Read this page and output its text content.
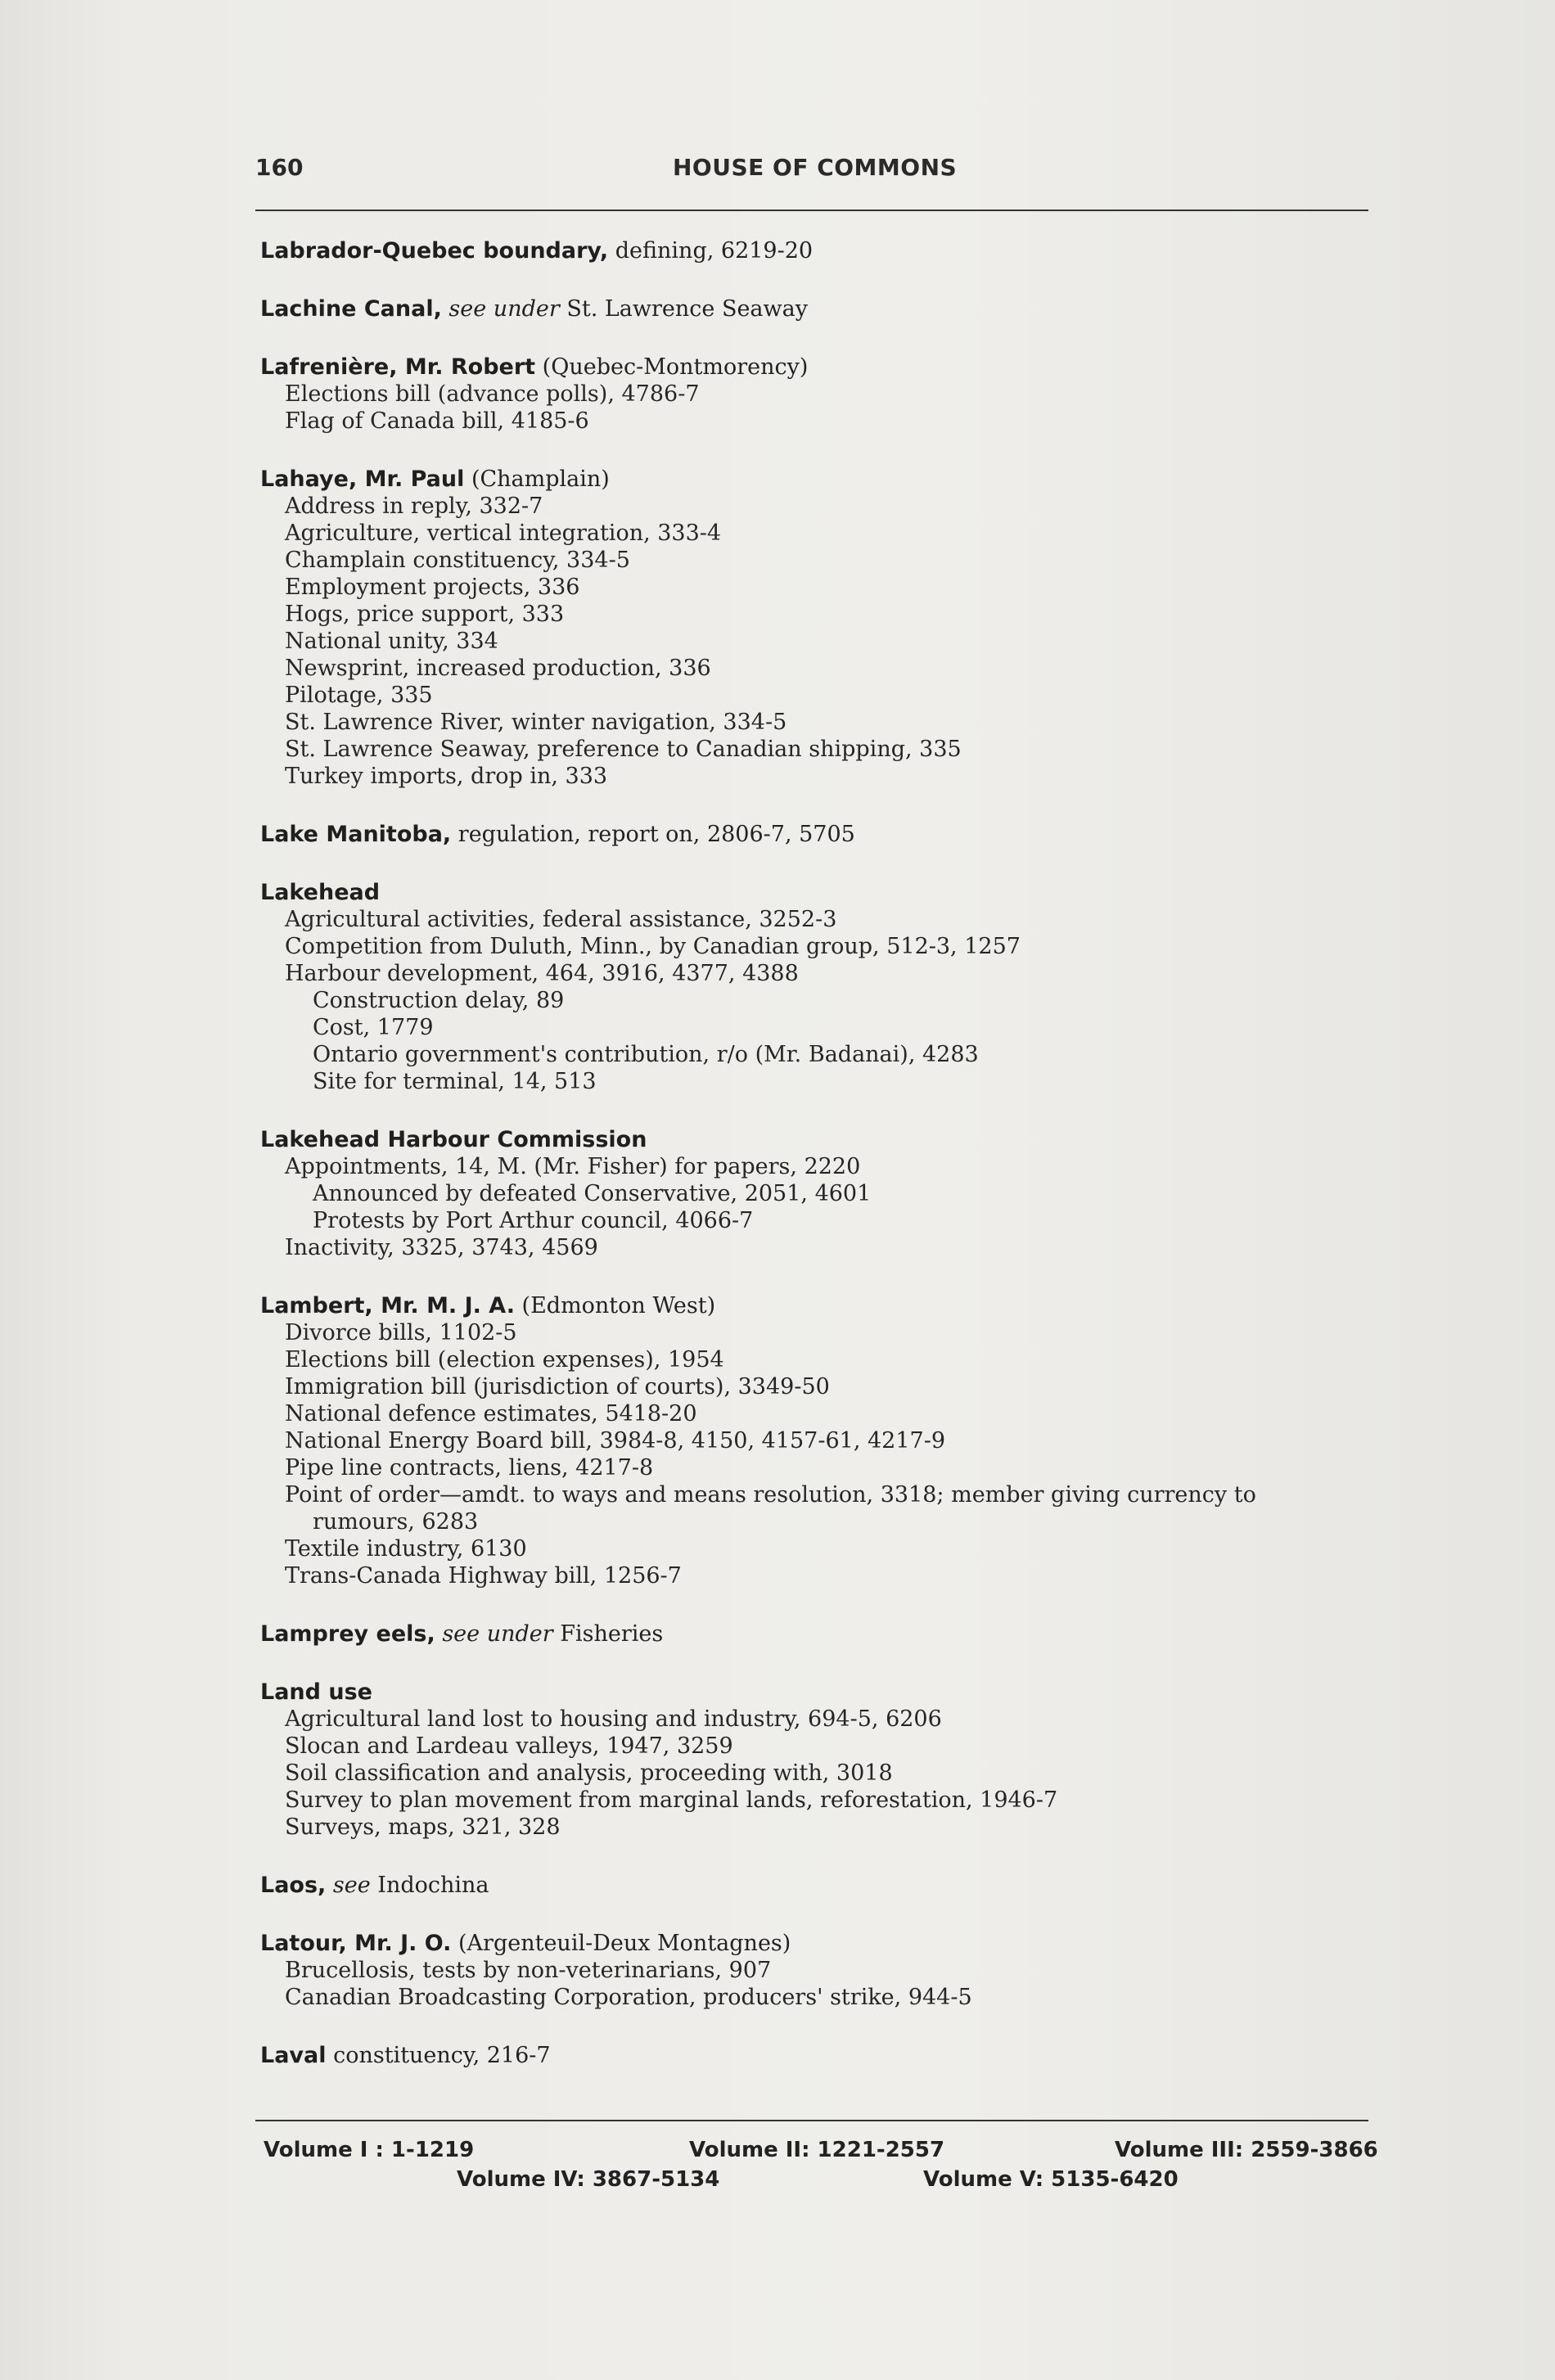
160	HOUSE OF COMMONS
Labrador-Quebec boundary, defining, 6219-20
Lachine Canal, see under St. Lawrence Seaway
Lafrenière, Mr. Robert (Quebec-Montmorency)
Elections bill (advance polls), 4786-7
Flag of Canada bill, 4185-6
Lahaye, Mr. Paul (Champlain)
Address in reply, 332-7
Agriculture, vertical integration, 333-4
Champlain constituency, 334-5
Employment projects, 336
Hogs, price support, 333
National unity, 334
Newsprint, increased production, 336
Pilotage, 335
St. Lawrence River, winter navigation, 334-5
St. Lawrence Seaway, preference to Canadian shipping, 335
Turkey imports, drop in, 333
Lake Manitoba, regulation, report on, 2806-7, 5705
Lakehead
Agricultural activities, federal assistance, 3252-3
Competition from Duluth, Minn., by Canadian group, 512-3, 1257
Harbour development, 464, 3916, 4377, 4388
Construction delay, 89
Cost, 1779
Ontario government's contribution, r/o (Mr. Badanai), 4283
Site for terminal, 14, 513
Lakehead Harbour Commission
Appointments, 14, M. (Mr. Fisher) for papers, 2220
Announced by defeated Conservative, 2051, 4601
Protests by Port Arthur council, 4066-7
Inactivity, 3325, 3743, 4569
Lambert, Mr. M. J. A. (Edmonton West)
Divorce bills, 1102-5
Elections bill (election expenses), 1954
Immigration bill (jurisdiction of courts), 3349-50
National defence estimates, 5418-20
National Energy Board bill, 3984-8, 4150, 4157-61, 4217-9
Pipe line contracts, liens, 4217-8
Point of order—amdt. to ways and means resolution, 3318; member giving currency to
rumours, 6283
Textile industry, 6130
Trans-Canada Highway bill, 1256-7
Lamprey eels, see under Fisheries
Land use
Agricultural land lost to housing and industry, 694-5, 6206
Slocan and Lardeau valleys, 1947, 3259
Soil classification and analysis, proceeding with, 3018
Survey to plan movement from marginal lands, reforestation, 1946-7
Surveys, maps, 321, 328
Laos, see Indochina
Latour, Mr. J. O. (Argenteuil-Deux Montagnes)
Brucellosis, tests by non-veterinarians, 907
Canadian Broadcasting Corporation, producers' strike, 944-5
Laval constituency, 216-7
Volume I : 1-1219	Volume II: 1221-2557	Volume III: 2559-3866
Volume IV: 3867-5134	Volume V: 5135-6420
